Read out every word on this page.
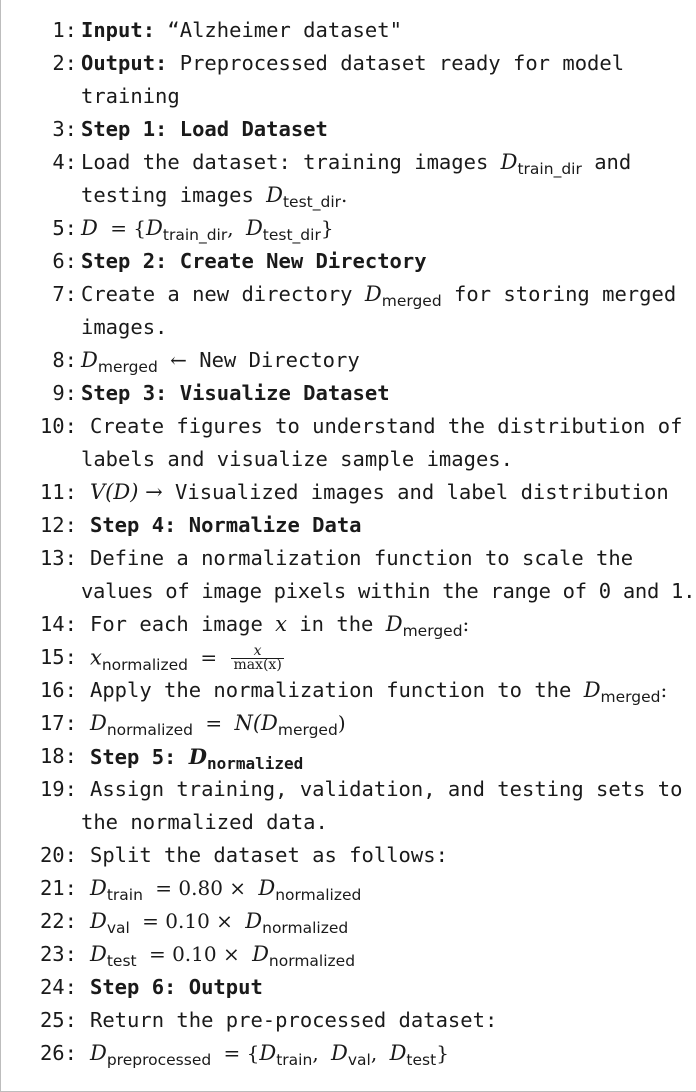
1: Input: “Alzheimer dataset"
2: Output: Preprocessed dataset ready for model
training
3: Step 1: Load Dataset
4: Load the dataset: training images $D_{train\_dir}$ and
testing images $D_{test\_dir}$.
5: $D = \{D_{train\_dir}$, $D_{test\_dir}$}
6: Step 2: Create New Directory
7: Create a new directory $D_{merged}$ for storing merged
images.
8: $D_{merged}$ ← New Directory
9: Step 3: Visualize Dataset
10: Create figures to understand the distribution of
labels and visualize sample images.
11: V(D) → Visualized images and label distribution
12: Step 4: Normalize Data
13: Define a normalization function to scale the
values of image pixels within the range of 0 and 1.
14: For each image x in the $D_{merged}$:
15: $x_{normalized} = \frac{x}{\max(x)}$
16: Apply the normalization function to the $D_{merged}$:
17: $D_{normalized} = N(D_{merged})$
18: Step 5: $D_{normalized}$
19: Assign training, validation, and testing sets to
the normalized data.
20: Split the dataset as follows:
21: $D_{train} = 0.80 \times D_{normalized}$
22: $D_{val} = 0.10 \times D_{normalized}$
23: $D_{test} = 0.10 \times D_{normalized}$
24: Step 6: Output
25: Return the pre-processed dataset:
26: $D_{preprocessed} = \{D_{train}$, $D_{val}$, $D_{test}$}
